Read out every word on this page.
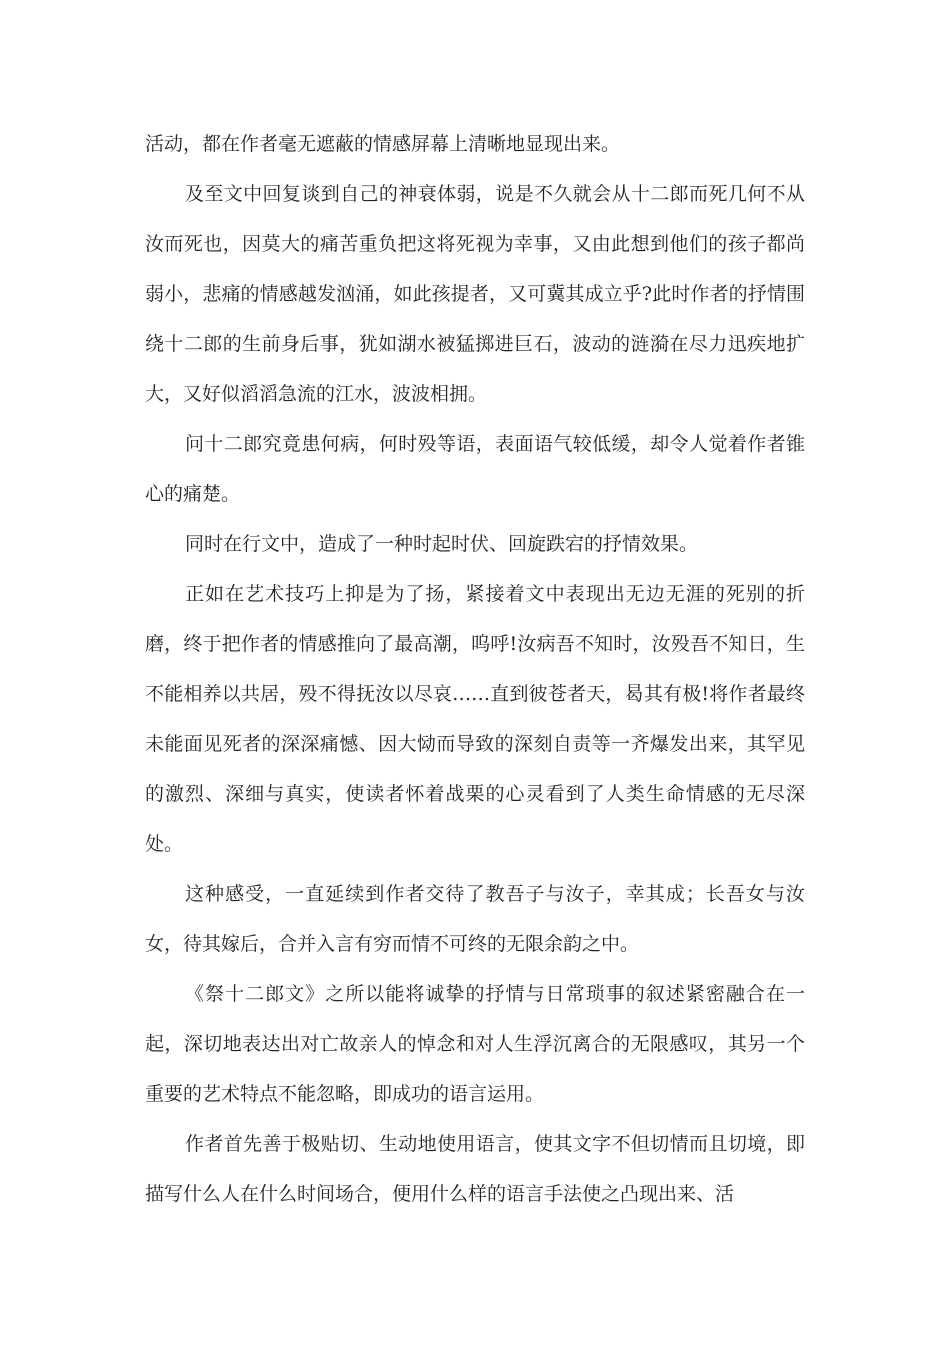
活动，都在作者毫无遮蔽的情感屏幕上清晰地显现出来。

及至文中回复谈到自己的神衰体弱，说是不久就会从十二郎而死几何不从汝而死也，因莫大的痛苦重负把这将死视为幸事，又由此想到他们的孩子都尚弱小，悲痛的情感越发汹涌，如此孩提者，又可冀其成立乎?此时作者的抒情围绕十二郎的生前身后事，犹如湖水被猛掷进巨石，波动的涟漪在尽力迅疾地扩大，又好似滔滔急流的江水，波波相拥。

问十二郎究竟患何病，何时殁等语，表面语气较低缓，却令人觉着作者锥心的痛楚。

同时在行文中，造成了一种时起时伏、回旋跌宕的抒情效果。

正如在艺术技巧上抑是为了扬，紧接着文中表现出无边无涯的死别的折磨，终于把作者的情感推向了最高潮，呜呼!汝病吾不知时，汝殁吾不知日，生不能相养以共居，殁不得抚汝以尽哀……直到彼苍者天，曷其有极!将作者最终未能面见死者的深深痛憾、因大恸而导致的深刻自责等一齐爆发出来，其罕见的激烈、深细与真实，使读者怀着战栗的心灵看到了人类生命情感的无尽深处。

这种感受，一直延续到作者交待了教吾子与汝子，幸其成；长吾女与汝女，待其嫁后，合并入言有穷而情不可终的无限余韵之中。

《祭十二郎文》之所以能将诚挚的抒情与日常琐事的叙述紧密融合在一起，深切地表达出对亡故亲人的悼念和对人生浮沉离合的无限感叹，其另一个重要的艺术特点不能忽略，即成功的语言运用。

作者首先善于极贴切、生动地使用语言，使其文字不但切情而且切境，即描写什么人在什么时间场合，便用什么样的语言手法使之凸现出来、活
